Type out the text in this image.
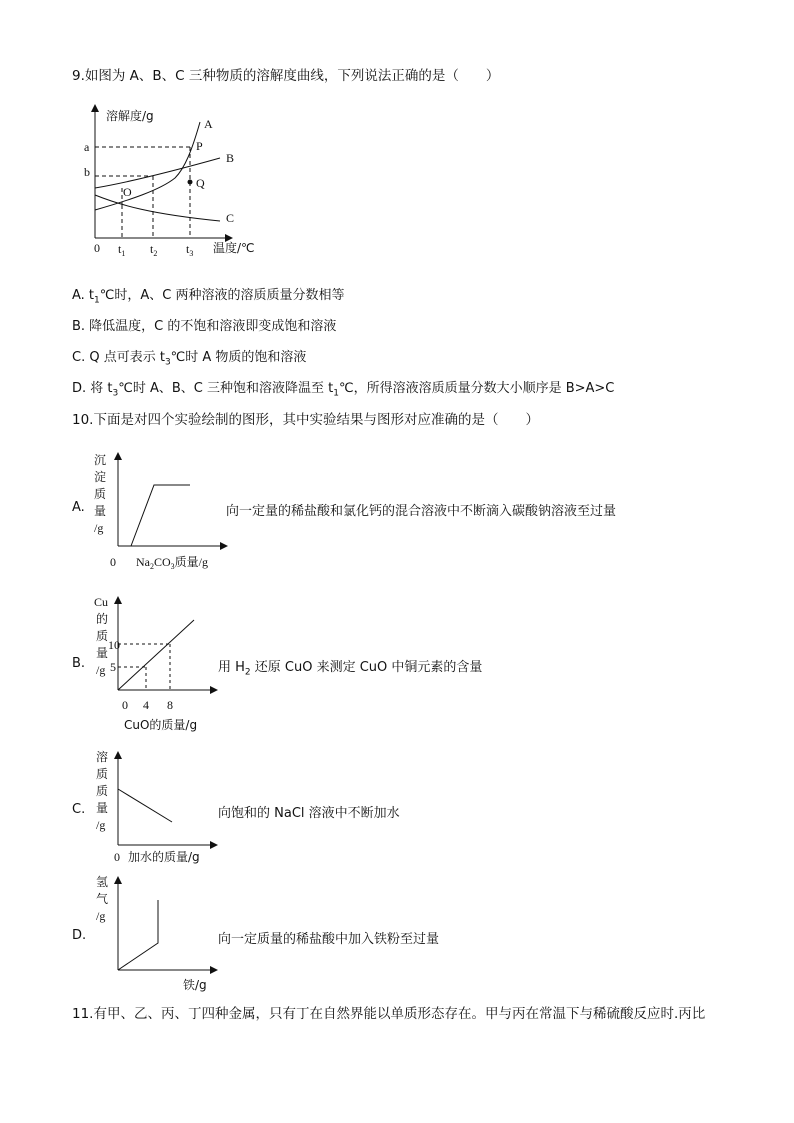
9.如图为 A、B、C 三种物质的溶解度曲线，下列说法正确的是（　　）
溶解度/g
温度/℃
0 $t_1$ $t_2$ $t_3$
a
b
A
B
C
P
Q
O
A. $t_1℃$时，A、C 两种溶液的溶质质量分数相等
B. 降低温度，C 的不饱和溶液即变成饱和溶液
C. Q 点可表示 $t_3℃$时 A 物质的饱和溶液
D. 将 $t_3℃$时 A、B、C 三种饱和溶液降温至 $t_1℃$，所得溶液溶质质量分数大小顺序是 B>A>C
10.下面是对四个实验绘制的图形，其中实验结果与图形对应准确的是（　　）
A.
沉
淀
质
量
/g
0 $Na_2CO_3$质量/g
向一定量的稀盐酸和氯化钙的混合溶液中不断滴入碳酸钠溶液至过量
B.
Cu
的
质
量
/g
10
5
0 4 8
CuO的质量/g
用 $H_2$ 还原 CuO 来测定 CuO 中铜元素的含量
C.
溶
质
质
量
/g
0 加水的质量/g
向饱和的 NaCl 溶液中不断加水
D.
氢
气
/g
铁/g
向一定质量的稀盐酸中加入铁粉至过量
11.有甲、乙、丙、丁四种金属，只有丁在自然界能以单质形态存在。甲与丙在常温下与稀硫酸反应时.丙比
